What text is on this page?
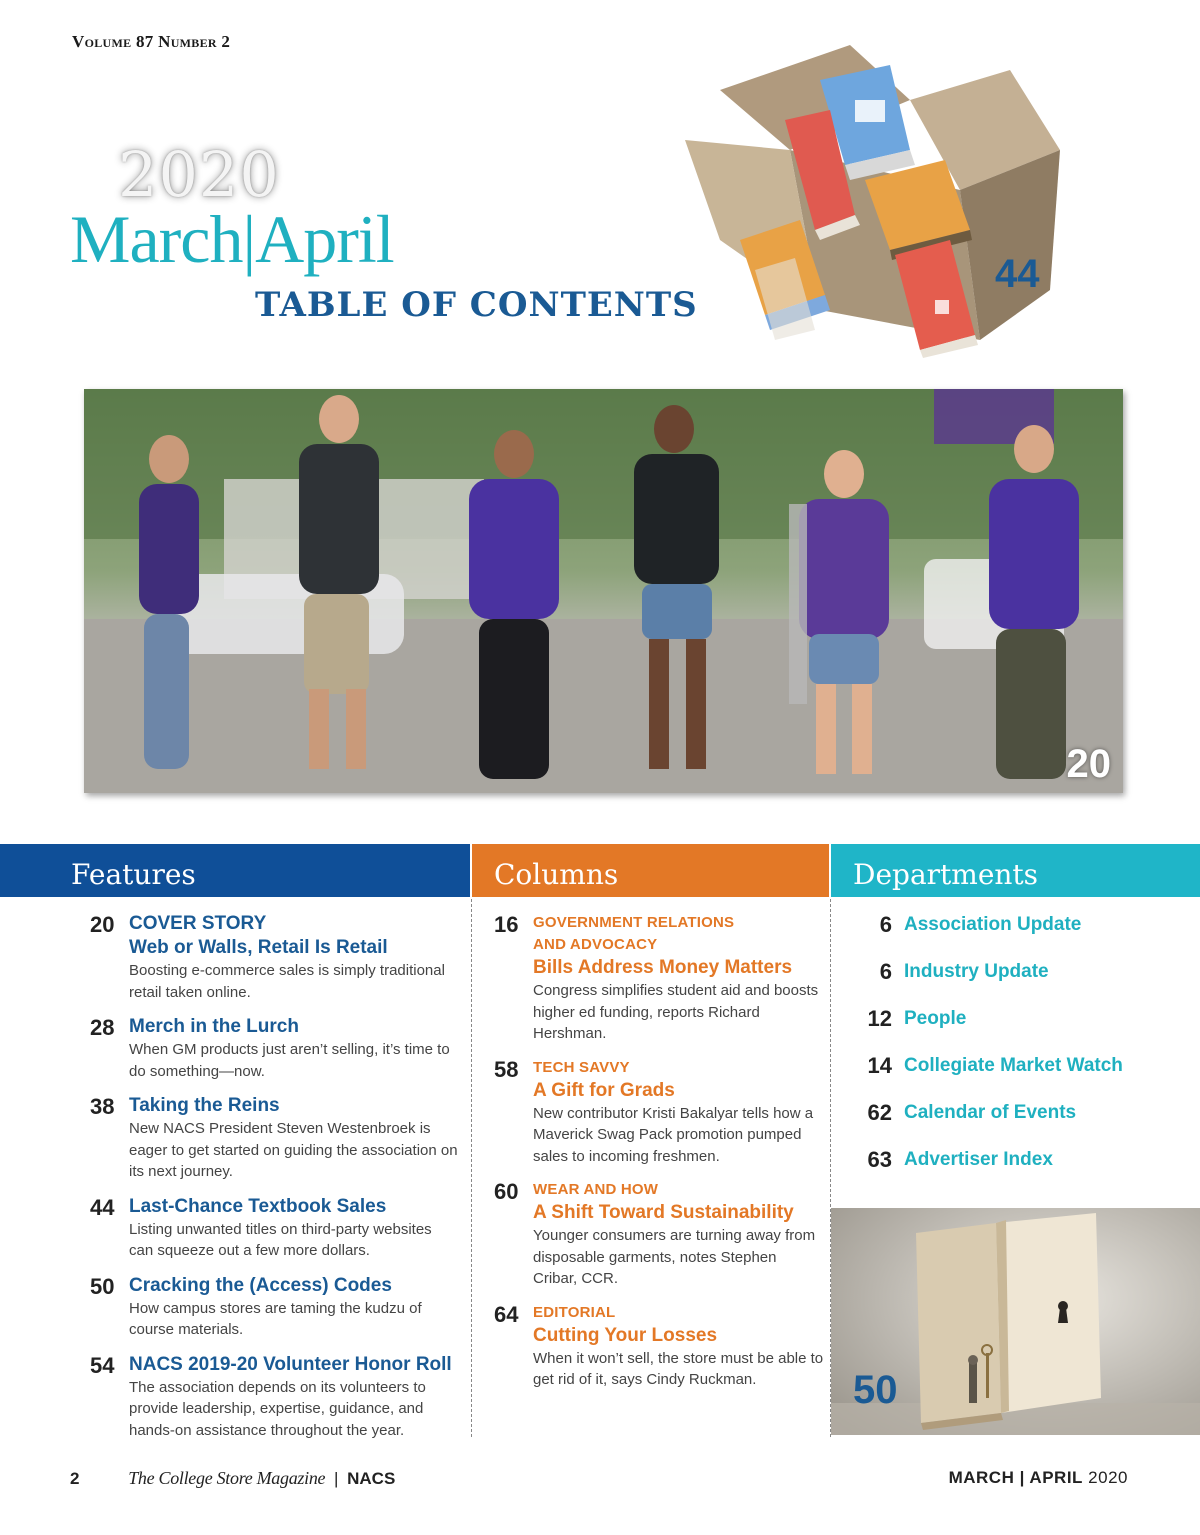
Volume 87 Number 2
2020
March|April
TABLE OF CONTENTS
44
20
Features	Columns	Departments
20 COVER STORY
Web or Walls, Retail Is Retail
Boosting e-commerce sales is simply traditional retail taken online.
28 Merch in the Lurch
When GM products just aren’t selling, it’s time to do something—now.
38 Taking the Reins
New NACS President Steven Westenbroek is eager to get started on guiding the association on its next journey.
44 Last-Chance Textbook Sales
Listing unwanted titles on third-party websites can squeeze out a few more dollars.
50 Cracking the (Access) Codes
How campus stores are taming the kudzu of course materials.
54 NACS 2019-20 Volunteer Honor Roll
The association depends on its volunteers to provide leadership, expertise, guidance, and hands-on assistance throughout the year.
16 GOVERNMENT RELATIONS
AND ADVOCACY
Bills Address Money Matters
Congress simplifies student aid and boosts higher ed funding, reports Richard Hershman.
58 TECH SAVVY
A Gift for Grads
New contributor Kristi Bakalyar tells how a Maverick Swag Pack promotion pumped sales to incoming freshmen.
60 WEAR AND HOW
A Shift Toward Sustainability
Younger consumers are turning away from disposable garments, notes Stephen Cribar, CCR.
64 EDITORIAL
Cutting Your Losses
When it won’t sell, the store must be able to get rid of it, says Cindy Ruckman.
6 Association Update
6 Industry Update
12 People
14 Collegiate Market Watch
62 Calendar of Events
63 Advertiser Index
50
2	The College Store Magazine | NACS	MARCH | APRIL 2020
